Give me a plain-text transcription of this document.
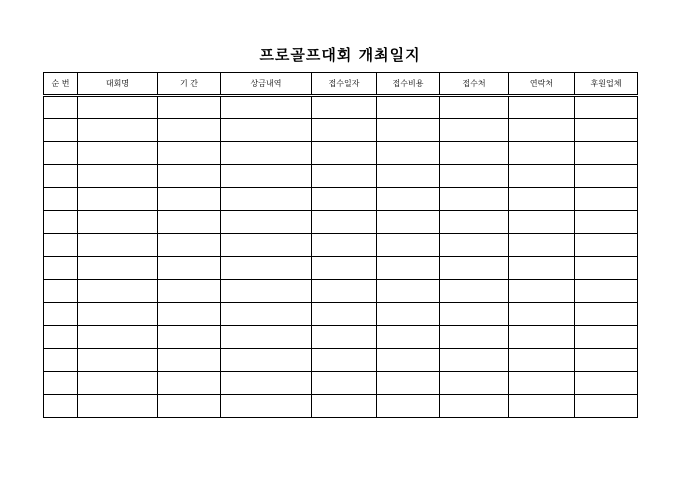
프로골프대회 개최일지
순 번	대회명	기 간	상금내역	접수일자	접수비용	접수처	연락처	후원업체
